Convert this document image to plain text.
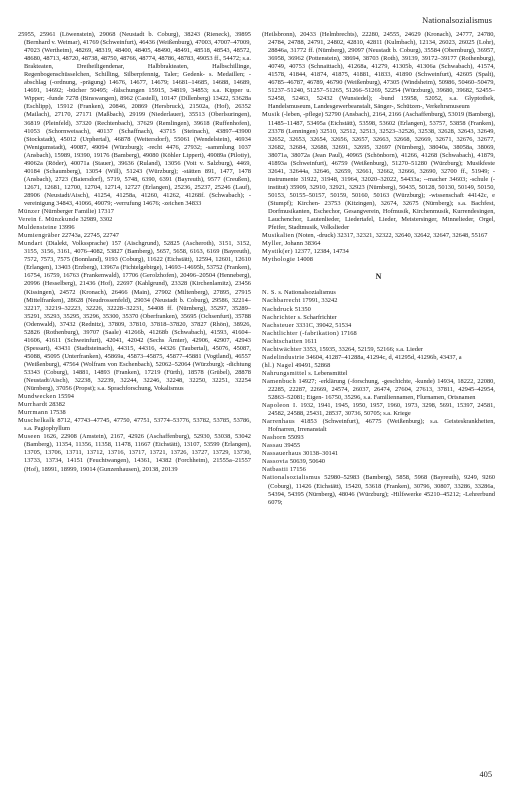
Nationalsozialismus

25955, 25961 (Löwenstein), 29068 (Neustadt b. Coburg), 38243 (Rieneck), 39895 (Bernhard v. Weimar), 41769 (Schweinfurt), 46436 (Weißenburg), 47003, 47007–47009, 47023 (Wertheim), 48269, 48319, 48400, 48405, 48490, 48491, 48518, 48543, 48572, 48680, 48713, 48720, 48738, 48750, 48766, 48774, 48786, 48783, 49053 ff., 54472; s.a. Brakteaten, Dreiheiligendenar, Halbbrakteaten, Halbschillinge, Regenbogenschüsselchen, Schilling, Silberpfennig, Taler; Gedenk- s. Medaillen; -abschlag (-ordnung, -prägung) 14676, 14677, 14679; 14681–14685, 14688, 14689, 14691, 14692; -bücher 50495; -fälschungen 15915, 34819, 34853; s.a. Kipper u. Wipper; -funde 7278 (Binswangen), 8962 (Castell), 10147 (Dillenberg) 13422, 53628a (Eschlipp), 15912 (Franken), 20846, 20869 (Hersbruck), 21502a, (Hof), 26352 (Mailach), 27170, 27171 (Maßbach), 29199 (Niederlauer), 35513 (Oberlsuringen), 36819 (Pleinfeld), 37320 (Rechtenbach), 37629 (Remlingen), 39618 (Ruffenhofen), 41053 (Schornweisach), 40137 (Schaffnach), 43715 (Steinach), 43897–43900 (Stockstadt), 45012 (Urphertal), 46878 (Weitersdorf), 55061 (Wendelstein), 46934 (Wenigumstadt), 49087, 49094 (Würzburg); -recht 4476, 27932; -sammlung 1037 (Ansbach), 15989, 19390, 19176 (Bamberg), 49080 (Köhler Lippert), 49089a (Pilotiy), 49062a (Röder), 40071a (Stauer), 39636 (Ruland), 13056 (Voit v. Salzburg), 4469, 40184 (Schaumberg), 13054 (Will), 51243 (Würzburg); -stätten 891, 1477, 1478 (Ansbach), 2723 (Baiersdorf), 5719, 5748, 6390, 6391 (Bayreuth), 9577 (Creußen), 12671, 12681, 12700, 12704, 12714, 12727 (Erlangen), 25236, 25237, 25246 (Lauf), 28906 (Neustadt/Aisch), 41254, 41258a, 41260, 41262, 41268f. (Schwabach); -vereinigung 34843, 41066, 49079; -verrufung 14676; -zeichen 34833

Münzer (Nürnberger Familie) 17317

Verein f. Münzkunde 32989, 3302

Muldensteine 13996

Mumiengräber 22743a, 22745, 22747

Mundart (Dialekt, Volkssprache) 157 (Aischgrund), 52825 (Ascheroth), 3151, 3152, 3155, 3156, 3161, 4076–4082, 53827 (Bamberg), 5657, 5658, 6163, 6169 (Bayreuth), 7572, 7573, 7575 (Bonnland), 9193 (Coburg), 11622 (Eichstätt), 12594, 12601, 12610 (Erlangen), 13403 (Erzberg), 13967a (Fichtelgebirge), 14693–14695b, 53752 (Franken), 16754, 16759, 16763 (Frankenwald), 17706 (Gerolzhofen), 20496–20504 (Henneberg), 20996 (Hesselberg), 21436 (Hof), 22697 (Kahlgrund), 23328 (Kirchenlamitz), 23456 (Kissingen), 24572 (Kronach), 26466 (Main), 27902 (Miltenberg), 27895, 27915 (Mittelfranken), 28628 (Neudrossenfeld), 29034 (Neustadt b. Coburg), 29586, 32214–32217, 32219–32223, 32226, 32228–32231, 54408 ff. (Nürnberg), 35297, 35289–35291, 35293, 35295, 35296, 35300, 35370 (Oberfranken), 35695 (Ochsenfurt), 35788 (Odenwald), 37432 (Rednitz), 37809, 37810, 37818–37820, 37827 (Rhön), 38926, 52826 (Rothenburg), 39707 (Saale) 41266b, 41268b (Schwabach), 41593, 41604–41606, 41611 (Schweinfurt), 42041, 42042 (Sechs Ämter), 42906, 42907, 42943 (Spessart), 43431 (Stadtsteinach), 44315, 44316, 44326 (Taubertal), 45076, 45087, 45088, 45095 (Unterfranken), 45869a, 45873–45875, 45877–45881 (Vogtland), 46557 (Weißenburg), 47564 (Wolfram von Eschenbach), 52062–52064 (Würzburg); -dichtung 53343 (Coburg), 14881, 14893 (Franken), 17219 (Fürth), 18578 (Grübel), 28878 (Neustadt/Aisch), 32238, 32239, 32244, 32246, 32248, 32250, 32251, 32254 (Nürnberg), 37056 (Propst); s.a. Sprachforschung, Vokalismus

Mundwecken 15594

Murrhardt 28382

Murrmann 17538

Muschelkalk 8712, 47743–47745, 47750, 47751, 53774–53776, 53782, 53785, 53786, s.a. Pagiophyllum

Museen 1626, 22908 (Amstein), 2167, 42926 (Aschaffenburg), 52930, 53038, 53042 (Bamberg), 11354, 11356, 11358, 11478, 11667 (Eichstätt), 13107, 53599 (Erlangen), 13705, 13706, 13711, 13712, 13716, 13717, 13721, 13726, 13727, 13729, 13730, 13733, 13734, 14151 (Feuchtwangen), 14361, 14382 (Forchheim), 21555a–21557 (Hof), 18991, 18999, 19014 (Gunzenhausen), 20138, 20139

(Heilsbronn), 20433 (Helmbrechts), 22280, 24555, 24629 (Kronach), 24777, 24780, 24784, 24788, 24791, 24802, 42810, 42811 (Kulmbach), 12134, 26023, 26025 (Lohr), 28846a, 31772 ff. (Nürnberg), 29097 (Neustadt b. Coburg), 35584 (Obernburg), 36957, 36958, 36962 (Pottenstein), 38694, 38703 (Roth), 39139, 39172–39177 (Rothenburg), 40749, 40753 (Schnaittach), 41268a, 41279, 41305b, 41306a (Schwabach), 41574, 41578, 41844, 41874, 41875, 41881, 41833, 41890 (Schweinfurt), 42605 (Spalt), 46785–46787, 46789, 46790 (Weißenburg), 47305 (Windsheim), 50986, 50460–50479, 51237–51240, 51257–51265, 51266–51269, 52254 (Würzburg), 39680, 39682, 52455–52458, 52463, 52432 (Wunsiedel); -bund 15958, 52052, s.a. Glyptothek, Handelsmuseum, Landesgewerbeanstalt, Sänger-, Schützen-, Verkehrsmuseum

Musik (-leben, -pflege) 52790 (Ansbach), 2164, 2166 (Aschaffenburg), 53019 (Bamberg), 11485–11487, 53495a (Eichstätt), 53598, 53602 (Erlangen), 53757, 53858 (Franken), 23378 (Lenningen) 32510, 32512, 32513, 32523–32526, 32538, 32628, 32643, 32649, 32652, 32653, 32654, 32656, 32657, 32663, 32668, 32669, 32671, 32676, 32677, 32682, 32684, 32688, 32691, 32695, 32697 (Nürnberg), 38040a, 38058a, 38069, 38071a, 38072a (Jean Paul), 40965 (Schönborn), 41266, 41268 (Schwabach), 41879, 41893a (Schweinfurt), 46759 (Weißenburg), 51270–51280 (Würzburg); Musikfeste 32641, 32644a, 32646, 32659, 32661, 32662, 32666, 32690, 32700 ff., 51949; -instrumente 31922, 31948, 31964, 32020–32022, 54433a; --macher 34603; -schule (-institut) 35909, 32910, 32921, 32923 (Nürnberg), 50435, 50128, 50130, 50149, 50150, 50153, 50155–50157, 50159, 50160, 50163 (Würzburg); -wissenschaft 44142c, e (Stumpf); Kirchen- 23753 (Kitzingen), 32674, 32675 (Nürnberg); s.a. Bachfest, Dorfmusikanten, Eschechor, Gesangverein, Hofmusik, Kirchenmusik, Kurrendesingen, Lauchenchor, Lautenlieder, Liedertafel, Lieder, Meistersinger, Minnelieder, Orgel, Pfeifer, Stadtmusik, Volkslieder

Musikalien (Noten, -druck) 32317, 32321, 32322, 32640, 32642, 32647, 32648, 55167

Myller, Johann 38364

Mystik(er) 12377, 12384, 14734

Mythologie 14008

N

N. S. s. Nationalsozialismus

Nachbarrecht 17991, 33242

Nachdruck 51350

Nachrichter s. Scharfrichter

Nachsteuer 3331C, 39042, 51534

Nachtlichter (-fabrikation) 17168

Nachtschatten 1611

Nachtwächter 3353, 15935, 33264, 52159, 52166; s.a. Lieder

Nadelindustrie 34604, 41287–41288a, 41294c, d, 41295d, 41296b, 43437, a

(hl.) Nagel 49491, 52868

Nahrungsmittel s. Lebensmittel

Namenbuch 14927; -erklärung (-forschung, -geschichte, -kunde) 14934, 18222, 22080, 22285, 22287, 22669, 24574, 26037, 26474, 27604, 27613, 37811, 42945–42954, 52863–52081; Eigen- 16750, 35296, s.a. Familiennamen, Flurnamen, Ortsnamen

Napoleon I. 1932, 1941, 1945, 1950, 1957, 1960, 1973, 3298, 5691, 15397, 24581, 24582, 24588, 25431, 28537, 30736, 50705; s.a. Kriege

Narrenhaus 41853 (Schweinfurt), 46775 (Weißenburg); s.a. Geisteskrankheiten, Hofnarren, Irrenanstalt

Nashorn 55093

Nassau 39455

Nassauerhaus 30138–30141

Nassovia 50639, 50640

Natbastii 17156

Nationalsozialismus 52980–52983 (Bamberg), 5858, 5968 (Bayreuth), 9249, 9260 (Coburg), 11426 (Eichstätt), 15420, 53618 (Franken), 30796, 30807, 33286, 33286a, 54394, 54395 (Nürnberg), 48046 (Würzburg); -Hilfswerke 45210–45212; -Lehrerbund 6079;

405
